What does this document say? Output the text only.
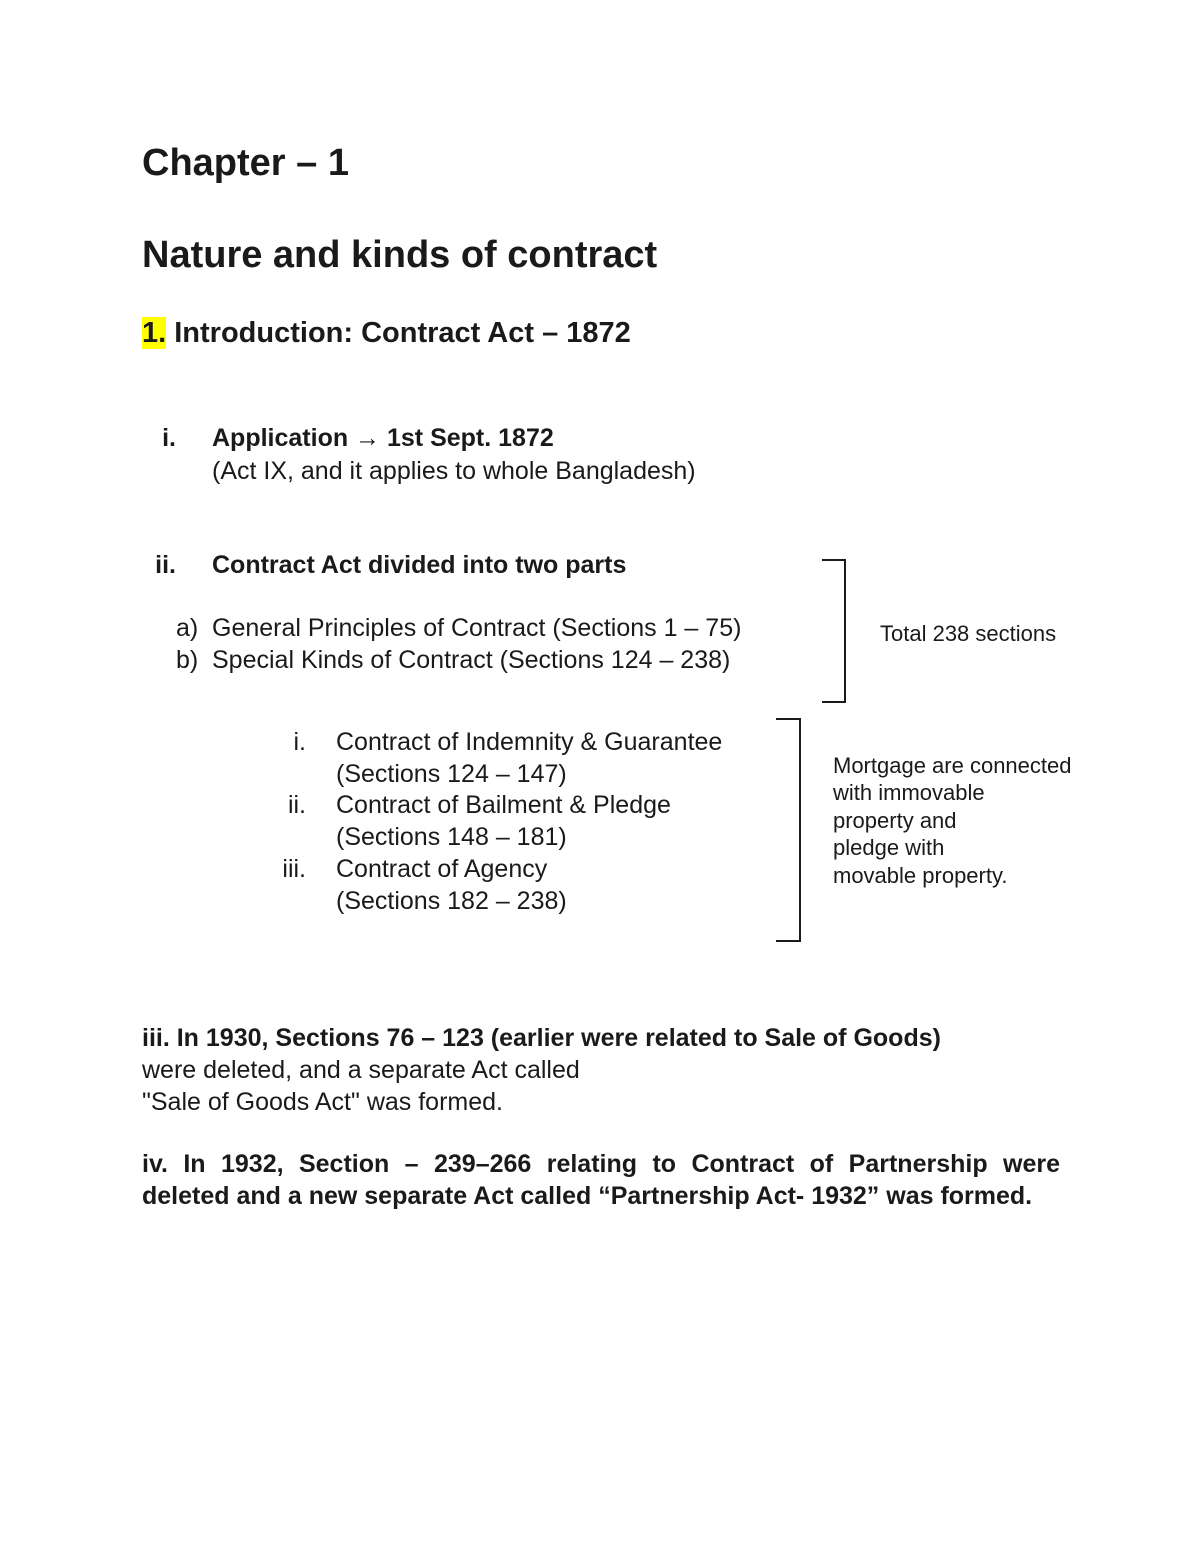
Chapter – 1
Nature and kinds of contract
1. Introduction: Contract Act – 1872
i. Application → 1st Sept. 1872
(Act IX, and it applies to whole Bangladesh)
ii. Contract Act divided into two parts
a) General Principles of Contract (Sections 1 – 75)
b) Special Kinds of Contract (Sections 124 – 238)
Total 238 sections
i. Contract of Indemnity & Guarantee
(Sections 124 – 147)
ii. Contract of Bailment & Pledge
(Sections 148 – 181)
iii. Contract of Agency
(Sections 182 – 238)
Mortgage are connected
with immovable
property and
pledge with
movable property.
iii. In 1930, Sections 76 – 123 (earlier were related to Sale of Goods)
were deleted, and a separate Act called
"Sale of Goods Act" was formed.
iv. In 1932, Section – 239–266 relating to Contract of Partnership were deleted and a new separate Act called “Partnership Act- 1932” was formed.
